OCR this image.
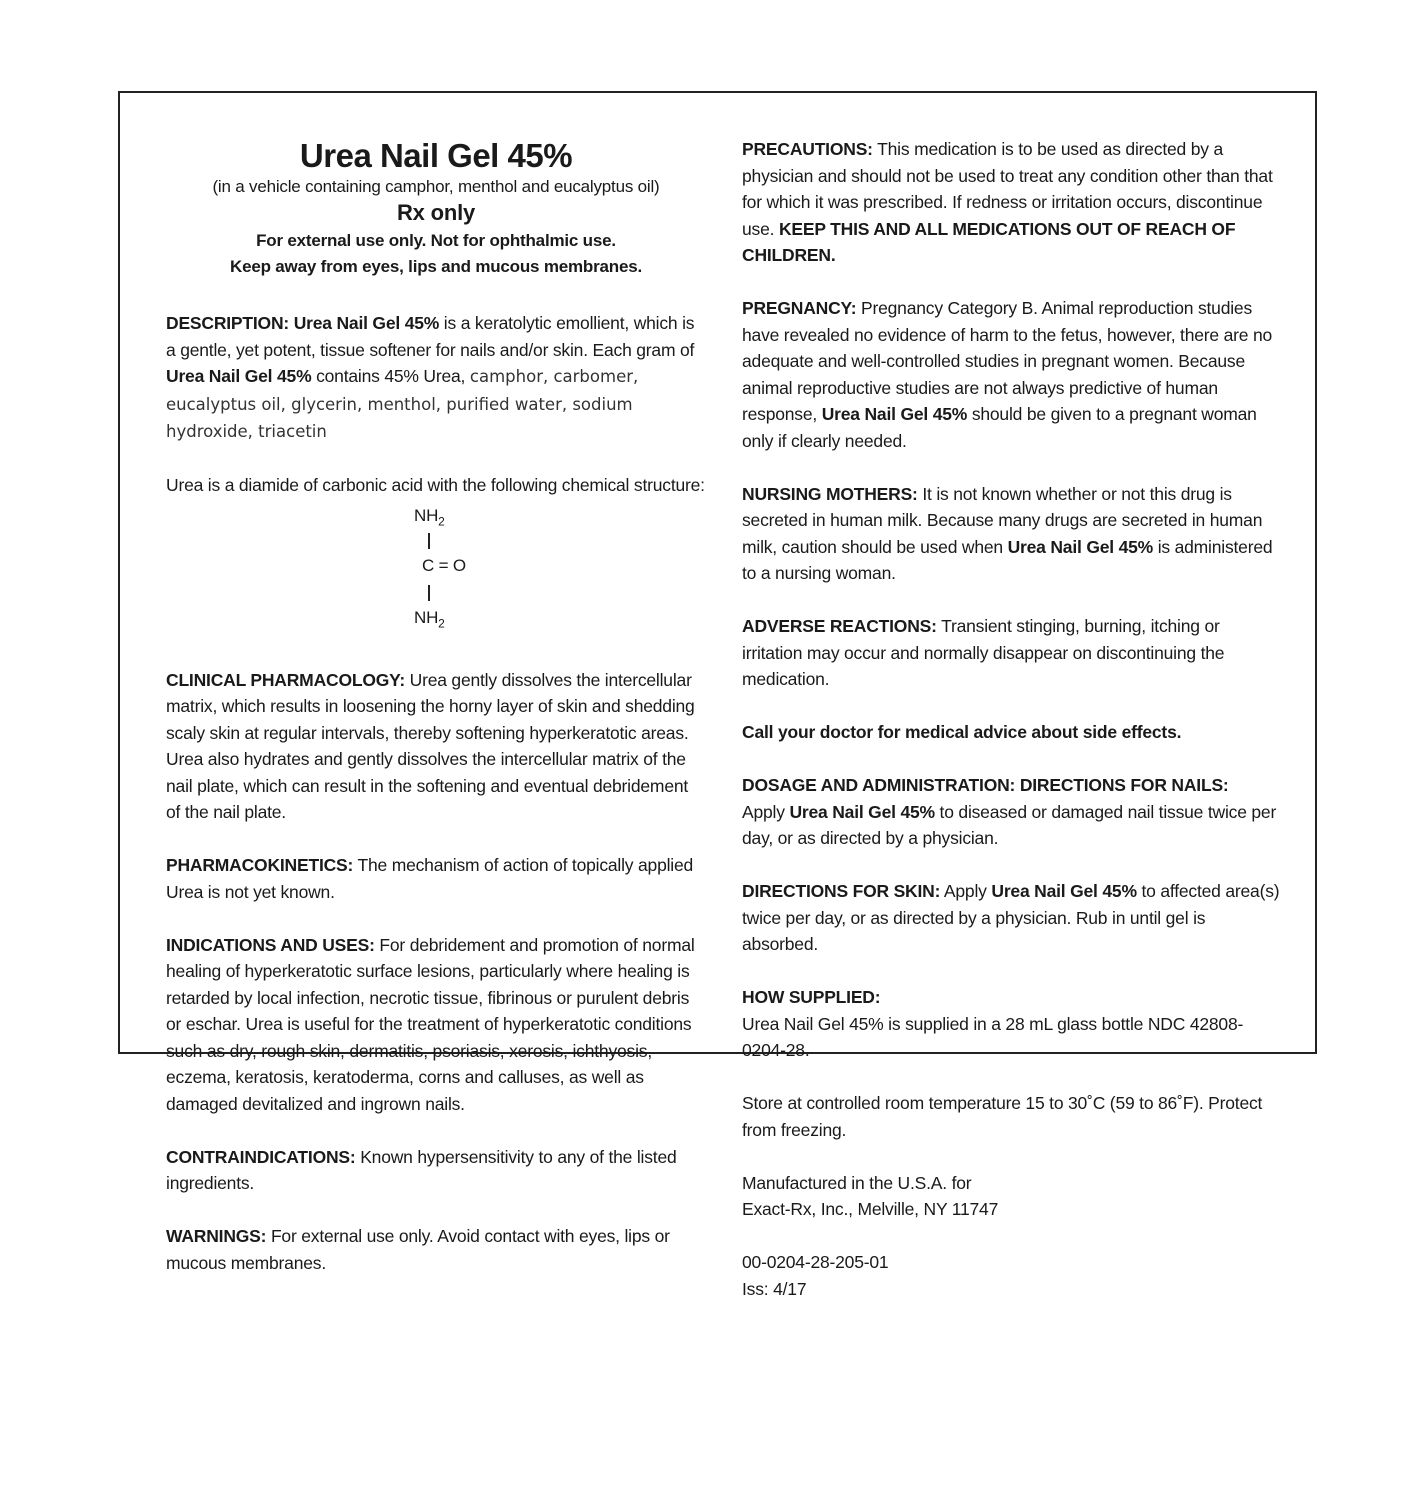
Urea Nail Gel 45%
(in a vehicle containing camphor, menthol and eucalyptus oil)
Rx only
For external use only. Not for ophthalmic use.
Keep away from eyes, lips and mucous membranes.

DESCRIPTION: Urea Nail Gel 45% is a keratolytic emollient, which is a gentle, yet potent, tissue softener for nails and/or skin. Each gram of Urea Nail Gel 45% contains 45% Urea, camphor, carbomer, eucalyptus oil, glycerin, menthol, purified water, sodium hydroxide, triacetin

Urea is a diamide of carbonic acid with the following chemical structure:

$NH_2$
C = O
$NH_2$

CLINICAL PHARMACOLOGY: Urea gently dissolves the intercellular matrix, which results in loosening the horny layer of skin and shedding scaly skin at regular intervals, thereby softening hyperkeratotic areas. Urea also hydrates and gently dissolves the intercellular matrix of the nail plate, which can result in the softening and eventual debridement of the nail plate.

PHARMACOKINETICS: The mechanism of action of topically applied Urea is not yet known.

INDICATIONS AND USES: For debridement and promotion of normal healing of hyperkeratotic surface lesions, particularly where healing is retarded by local infection, necrotic tissue, fibrinous or purulent debris or eschar. Urea is useful for the treatment of hyperkeratotic conditions such as dry, rough skin, dermatitis, psoriasis, xerosis, ichthyosis, eczema, keratosis, keratoderma, corns and calluses, as well as damaged devitalized and ingrown nails.

CONTRAINDICATIONS: Known hypersensitivity to any of the listed ingredients.

WARNINGS: For external use only. Avoid contact with eyes, lips or mucous membranes.

PRECAUTIONS: This medication is to be used as directed by a physician and should not be used to treat any condition other than that for which it was prescribed. If redness or irritation occurs, discontinue use. KEEP THIS AND ALL MEDICATIONS OUT OF REACH OF CHILDREN.

PREGNANCY: Pregnancy Category B. Animal reproduction studies have revealed no evidence of harm to the fetus, however, there are no adequate and well-controlled studies in pregnant women. Because animal reproductive studies are not always predictive of human response, Urea Nail Gel 45% should be given to a pregnant woman only if clearly needed.

NURSING MOTHERS: It is not known whether or not this drug is secreted in human milk. Because many drugs are secreted in human milk, caution should be used when Urea Nail Gel 45% is administered to a nursing woman.

ADVERSE REACTIONS: Transient stinging, burning, itching or irritation may occur and normally disappear on discontinuing the medication.

Call your doctor for medical advice about side effects.

DOSAGE AND ADMINISTRATION: DIRECTIONS FOR NAILS:
Apply Urea Nail Gel 45% to diseased or damaged nail tissue twice per day, or as directed by a physician.

DIRECTIONS FOR SKIN: Apply Urea Nail Gel 45% to affected area(s) twice per day, or as directed by a physician. Rub in until gel is absorbed.

HOW SUPPLIED:
Urea Nail Gel 45% is supplied in a 28 mL glass bottle NDC 42808-0204-28.

Store at controlled room temperature 15 to 30˚C (59 to 86˚F). Protect from freezing.

Manufactured in the U.S.A. for
Exact-Rx, Inc., Melville, NY 11747

00-0204-28-205-01
Iss: 4/17
